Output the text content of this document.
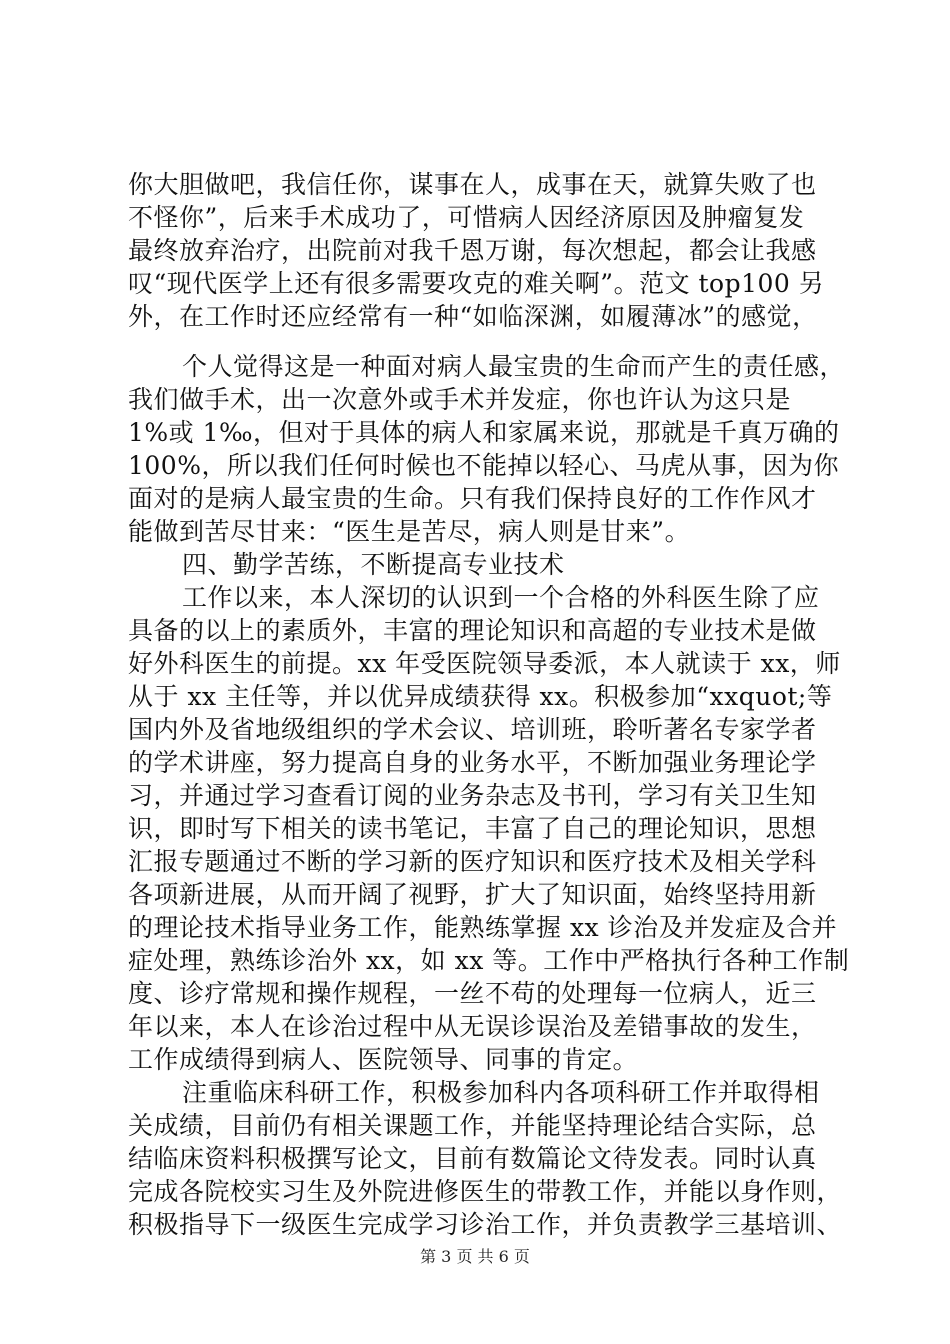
你大胆做吧，我信任你，谋事在人，成事在天，就算失败了也
不怪你”，后来手术成功了，可惜病人因经济原因及肿瘤复发
最终放弃治疗，出院前对我千恩万谢，每次想起，都会让我感
叹“现代医学上还有很多需要攻克的难关啊”。范文 top100 另
外，在工作时还应经常有一种“如临深渊，如履薄冰”的感觉，
个人觉得这是一种面对病人最宝贵的生命而产生的责任感，
我们做手术，出一次意外或手术并发症，你也许认为这只是
1%或 1‰，但对于具体的病人和家属来说，那就是千真万确的
100%，所以我们任何时候也不能掉以轻心、马虎从事，因为你
面对的是病人最宝贵的生命。只有我们保持良好的工作作风才
能做到苦尽甘来：“医生是苦尽，病人则是甘来”。
四、勤学苦练，不断提高专业技术
工作以来，本人深切的认识到一个合格的外科医生除了应
具备的以上的素质外，丰富的理论知识和高超的专业技术是做
好外科医生的前提。xx 年受医院领导委派，本人就读于 xx，师
从于 xx 主任等，并以优异成绩获得 xx。积极参加“xxquot;等
国内外及省地级组织的学术会议、培训班，聆听著名专家学者
的学术讲座，努力提高自身的业务水平，不断加强业务理论学
习，并通过学习查看订阅的业务杂志及书刊，学习有关卫生知
识，即时写下相关的读书笔记，丰富了自己的理论知识，思想
汇报专题通过不断的学习新的医疗知识和医疗技术及相关学科
各项新进展，从而开阔了视野，扩大了知识面，始终坚持用新
的理论技术指导业务工作，能熟练掌握 xx 诊治及并发症及合并
症处理，熟练诊治外 xx，如 xx 等。工作中严格执行各种工作制
度、诊疗常规和操作规程，一丝不苟的处理每一位病人，近三
年以来，本人在诊治过程中从无误诊误治及差错事故的发生，
工作成绩得到病人、医院领导、同事的肯定。
注重临床科研工作，积极参加科内各项科研工作并取得相
关成绩，目前仍有相关课题工作，并能坚持理论结合实际，总
结临床资料积极撰写论文，目前有数篇论文待发表。同时认真
完成各院校实习生及外院进修医生的带教工作，并能以身作则，
积极指导下一级医生完成学习诊治工作，并负责教学三基培训、
第 3 页 共 6 页
